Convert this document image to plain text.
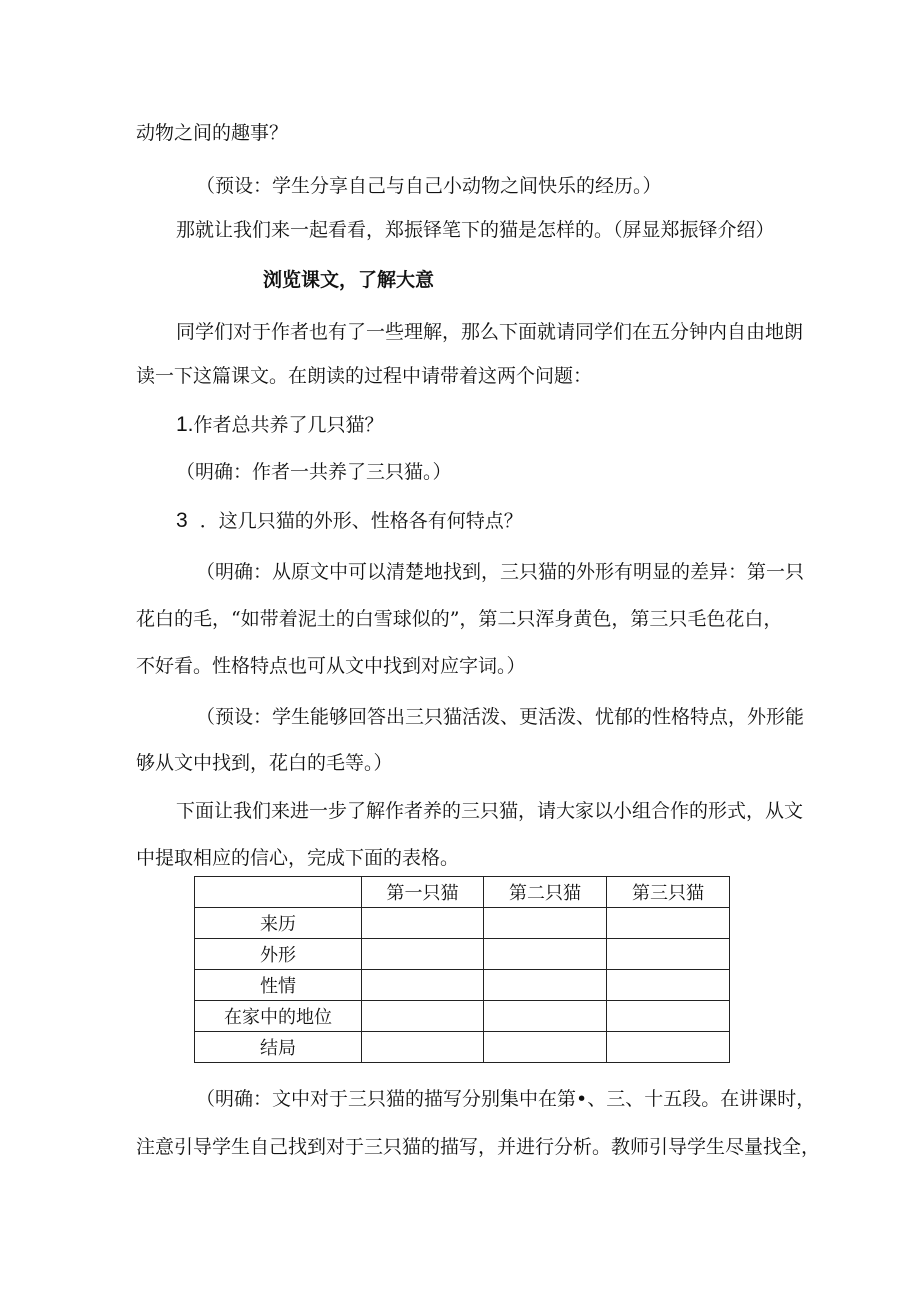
动物之间的趣事？
（预设：学生分享自己与自己小动物之间快乐的经历。）
那就让我们来一起看看，郑振铎笔下的猫是怎样的。（屏显郑振铎介绍）
浏览课文，了解大意
同学们对于作者也有了一些理解，那么下面就请同学们在五分钟内自由地朗
读一下这篇课文。在朗读的过程中请带着这两个问题：
1.作者总共养了几只猫？
（明确：作者一共养了三只猫。）
3 ．这几只猫的外形、性格各有何特点？
（明确：从原文中可以清楚地找到，三只猫的外形有明显的差异：第一只
花白的毛，“如带着泥土的白雪球似的”，第二只浑身黄色，第三只毛色花白，
不好看。性格特点也可从文中找到对应字词。）
（预设：学生能够回答出三只猫活泼、更活泼、忧郁的性格特点，外形能
够从文中找到，花白的毛等。）
下面让我们来进一步了解作者养的三只猫，请大家以小组合作的形式，从文
中提取相应的信心，完成下面的表格。
	第一只猫	第二只猫	第三只猫
来历			
外形			
性情			
在家中的地位			
结局			
（明确：文中对于三只猫的描写分别集中在第•、三、十五段。在讲课时，
注意引导学生自己找到对于三只猫的描写，并进行分析。教师引导学生尽量找全，
